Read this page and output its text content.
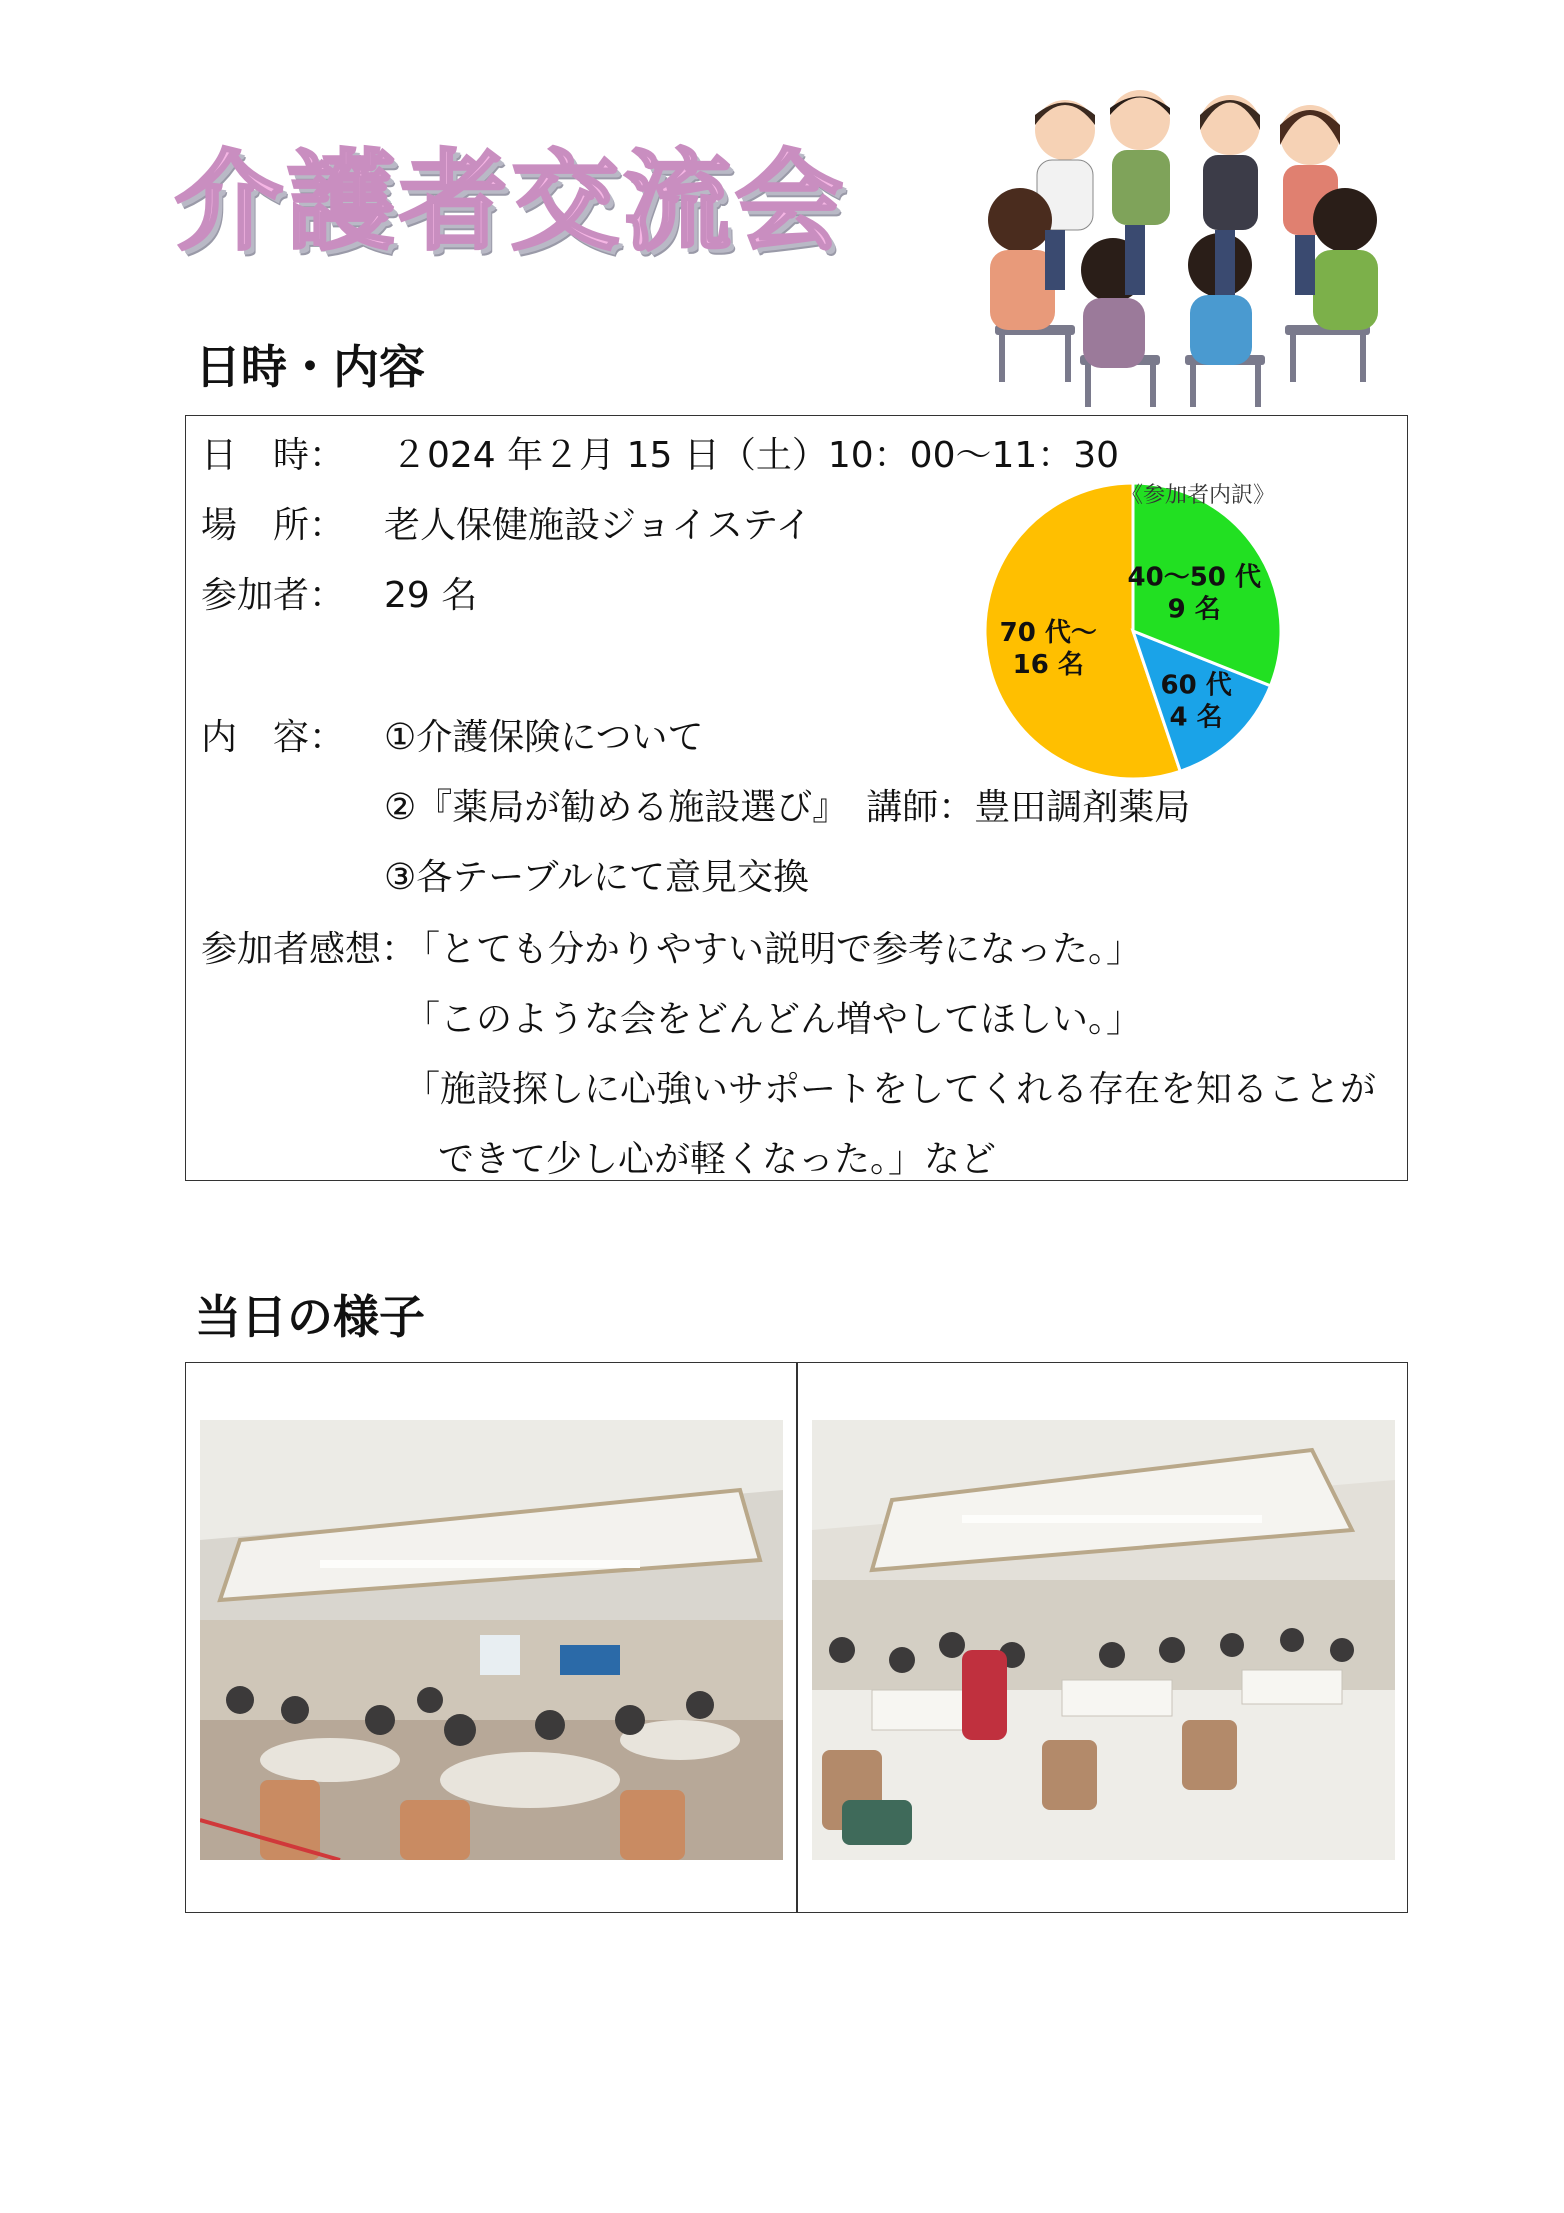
介護者交流会
日時・内容
日　時： ２024 年２月 15 日（土）10：00〜11：30
場　所： 老人保健施設ジョイステイ
参加者： 29 名
内　容： ①介護保険について
②『薬局が勧める施設選び』　講師：豊田調剤薬局
③各テーブルにて意見交換
参加者感想：
「とても分かりやすい説明で参考になった。」
「このような会をどんどん増やしてほしい。」
「施設探しに心強いサポートをしてくれる存在を知ることが
できて少し心が軽くなった。」など
《参加者内訳》
40〜50 代
9 名
60 代
4 名
70 代〜
16 名
当日の様子
